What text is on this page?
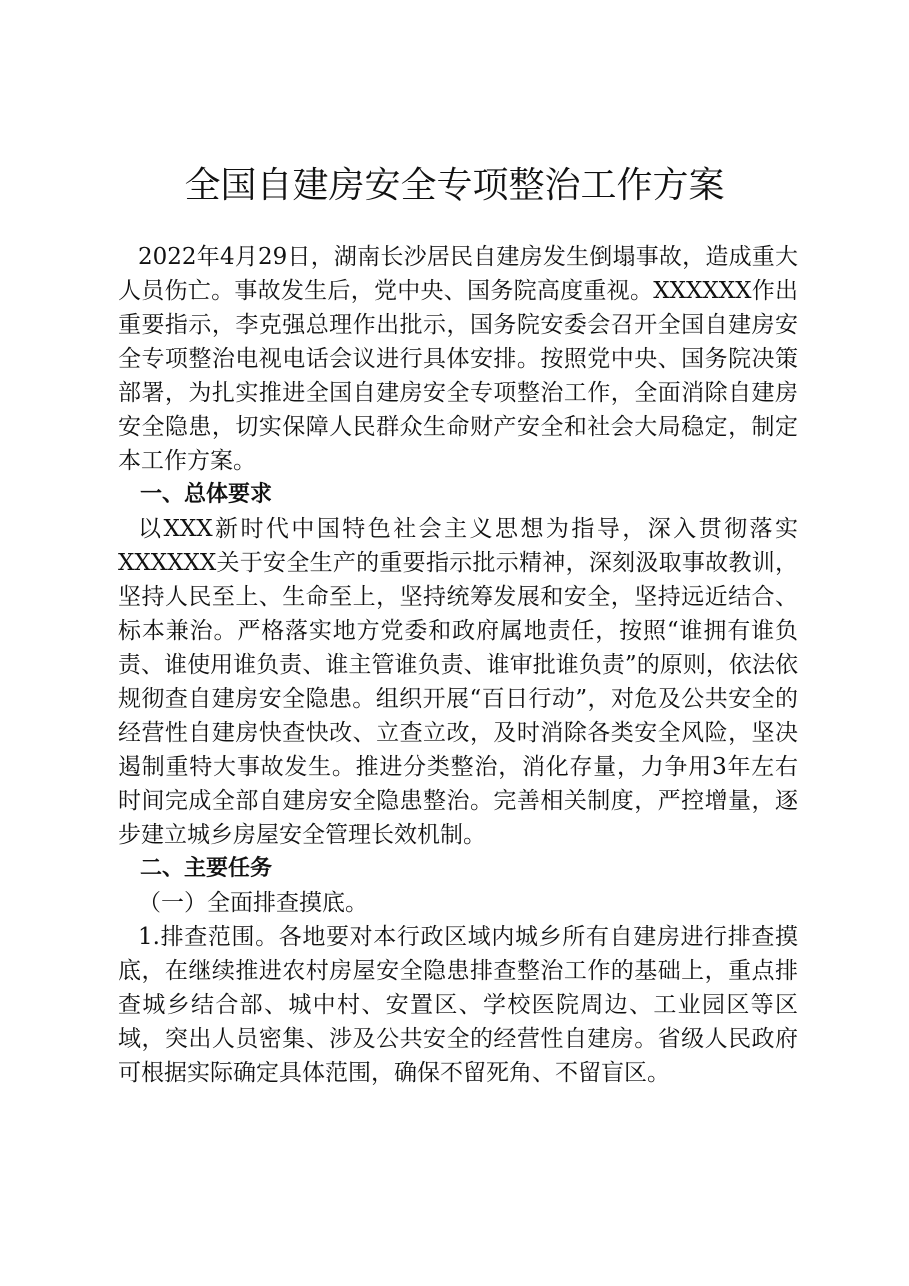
全国自建房安全专项整治工作方案

2022年4月29日，湖南长沙居民自建房发生倒塌事故，造成重大人员伤亡。事故发生后，党中央、国务院高度重视。XXXXXX作出重要指示，李克强总理作出批示，国务院安委会召开全国自建房安全专项整治电视电话会议进行具体安排。按照党中央、国务院决策部署，为扎实推进全国自建房安全专项整治工作，全面消除自建房安全隐患，切实保障人民群众生命财产安全和社会大局稳定，制定本工作方案。

一、总体要求

以XXX新时代中国特色社会主义思想为指导，深入贯彻落实XXXXXX关于安全生产的重要指示批示精神，深刻汲取事故教训，坚持人民至上、生命至上，坚持统筹发展和安全，坚持远近结合、标本兼治。严格落实地方党委和政府属地责任，按照“谁拥有谁负责、谁使用谁负责、谁主管谁负责、谁审批谁负责”的原则，依法依规彻查自建房安全隐患。组织开展“百日行动”，对危及公共安全的经营性自建房快查快改、立查立改，及时消除各类安全风险，坚决遏制重特大事故发生。推进分类整治，消化存量，力争用3年左右时间完成全部自建房安全隐患整治。完善相关制度，严控增量，逐步建立城乡房屋安全管理长效机制。

二、主要任务

（一）全面排查摸底。

1.排查范围。各地要对本行政区域内城乡所有自建房进行排查摸底，在继续推进农村房屋安全隐患排查整治工作的基础上，重点排查城乡结合部、城中村、安置区、学校医院周边、工业园区等区域，突出人员密集、涉及公共安全的经营性自建房。省级人民政府可根据实际确定具体范围，确保不留死角、不留盲区。
